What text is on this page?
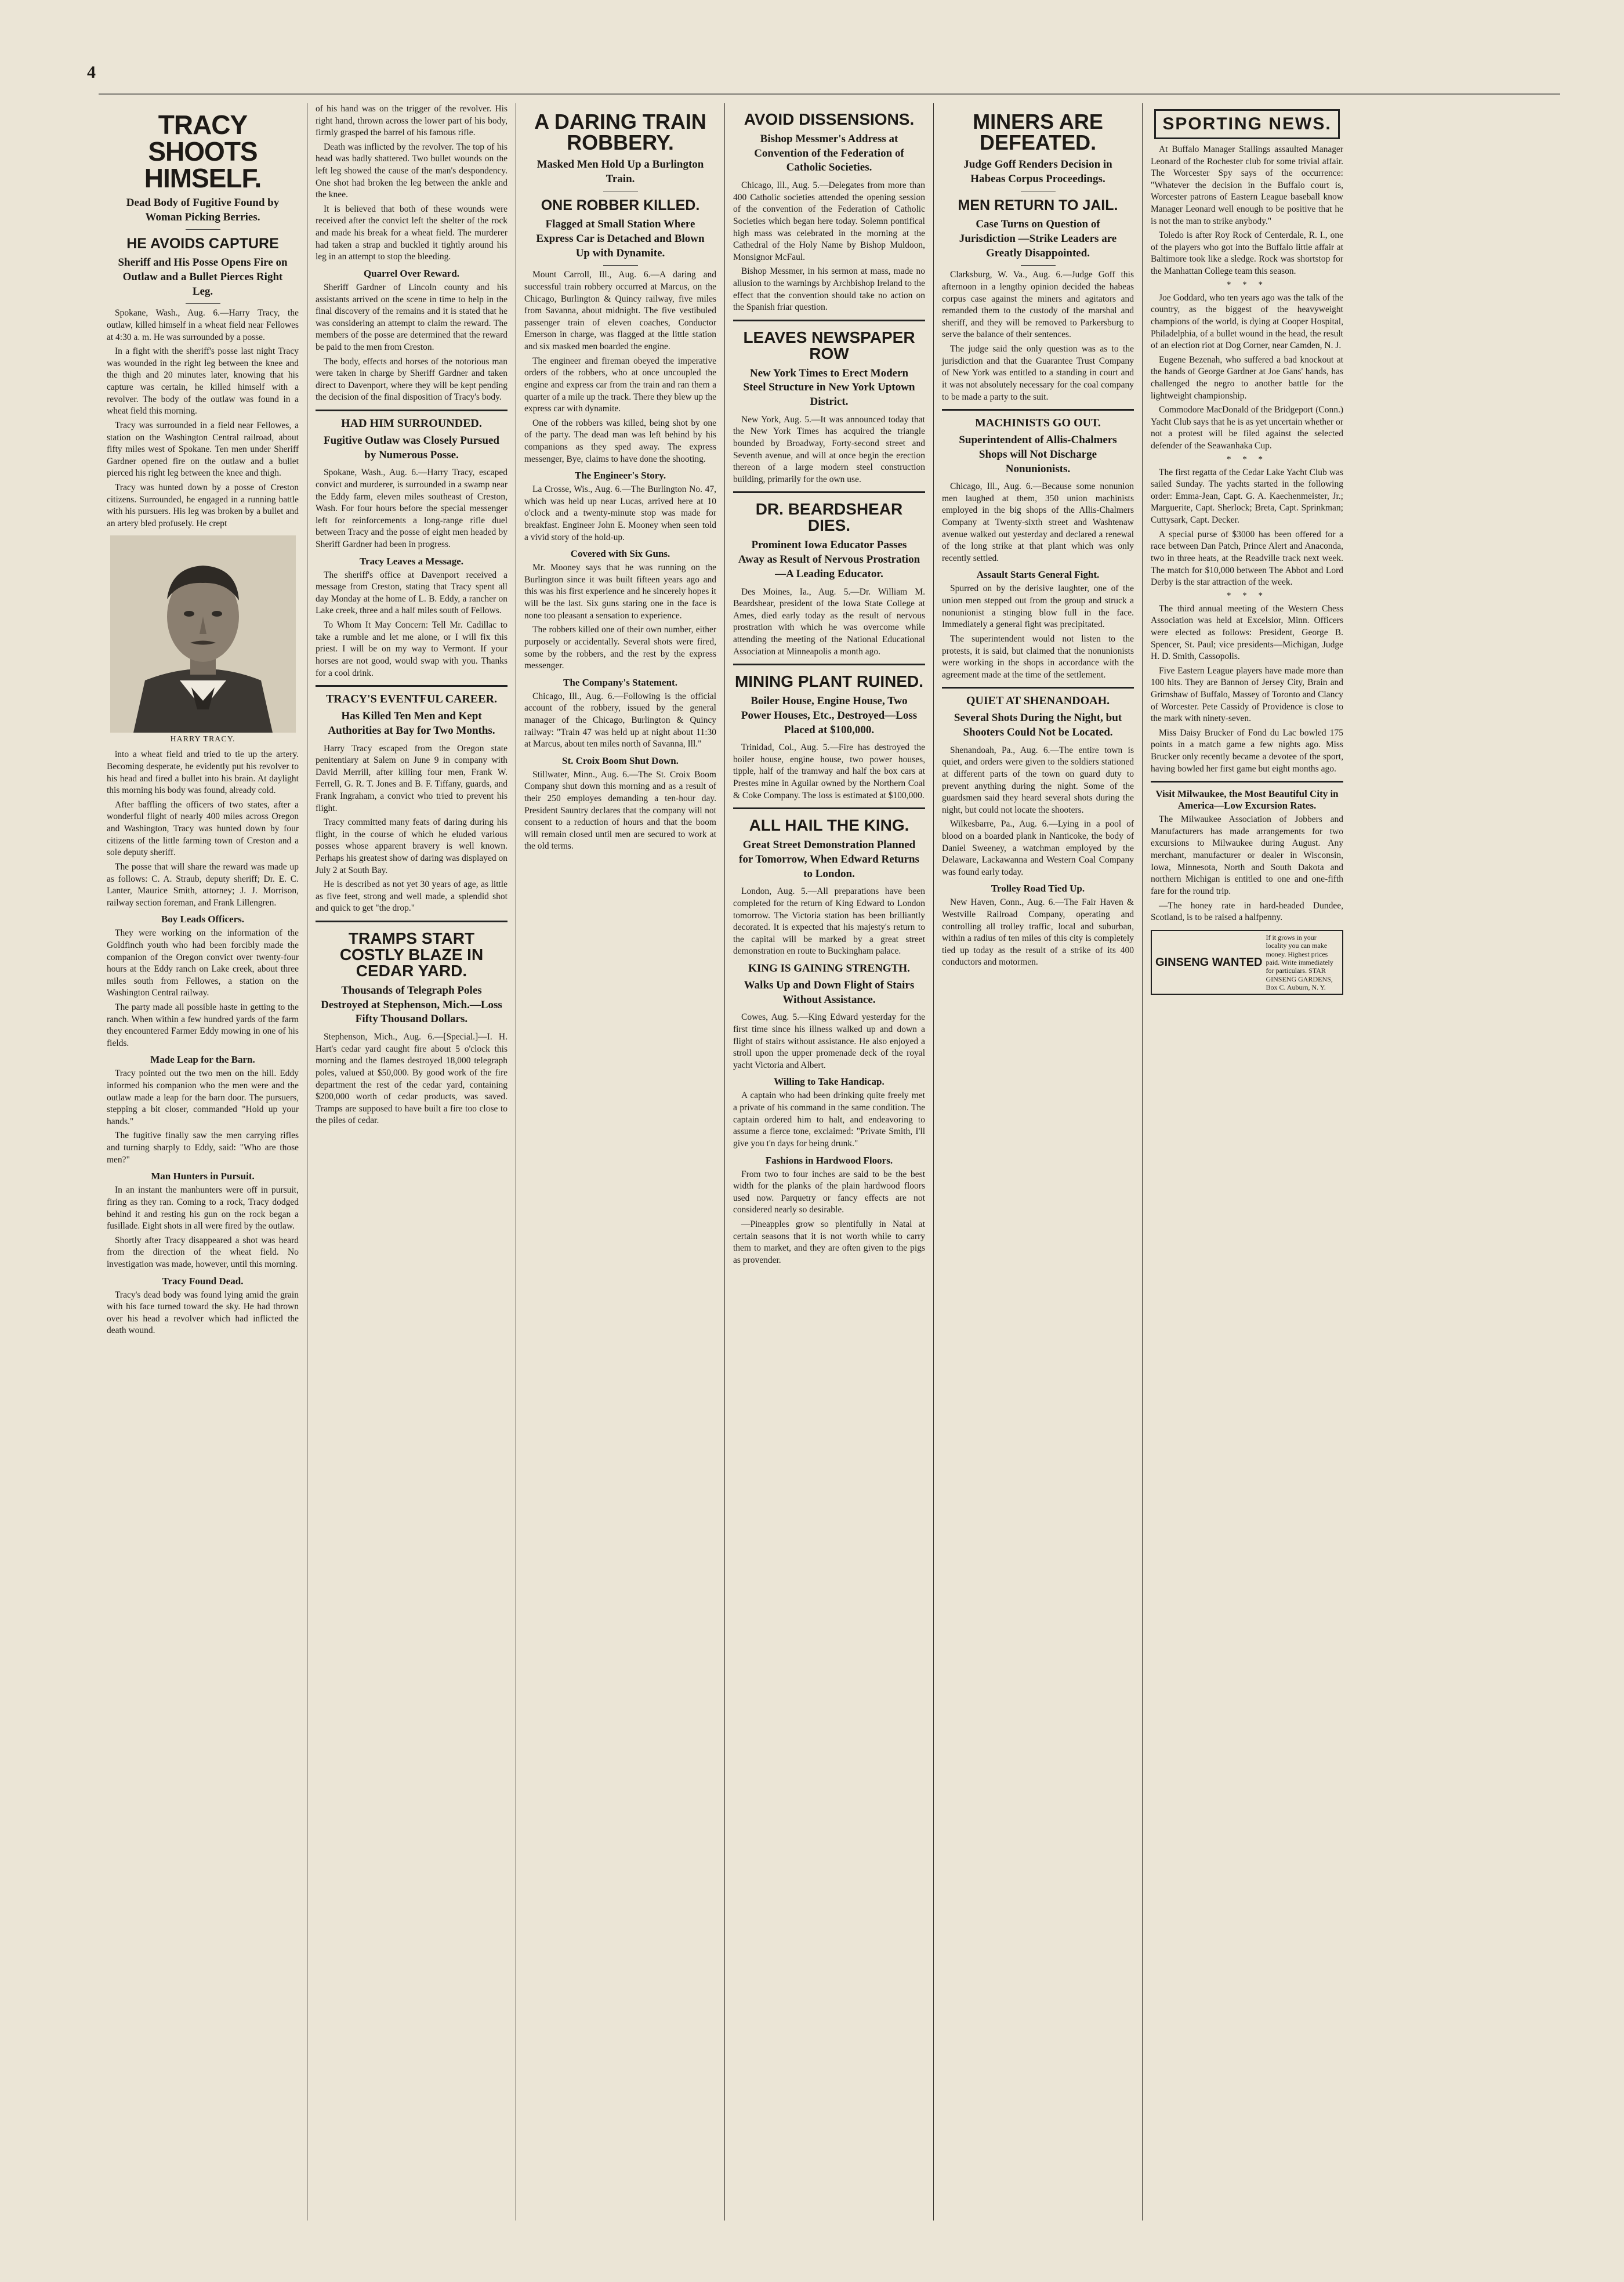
4
TRACY SHOOTS HIMSELF.
Dead Body of Fugitive Found by Woman Picking Berries.
HE AVOIDS CAPTURE
Sheriff and His Posse Opens Fire on Outlaw and a Bullet Pierces Right Leg.

Spokane, Wash., Aug. 6.—Harry Tracy, the outlaw, killed himself in a wheat field near Fellowes at 4:30 a. m. He was surrounded by a posse.

In a fight with the sheriff's posse last night Tracy was wounded in the right leg between the knee and the thigh and 20 minutes later, knowing that his capture was certain, he killed himself with a revolver. The body of the outlaw was found in a wheat field this morning.

Tracy was surrounded in a field near Fellowes, a station on the Washington Central railroad, about fifty miles west of Spokane. Ten men under Sheriff Gardner opened fire on the outlaw and a bullet pierced his right leg between the knee and thigh.

Tracy was hunted down by a posse of Creston citizens. Surrounded, he engaged in a running battle with his pursuers. His leg was broken by a bullet and an artery bled profusely. He crept

HARRY TRACY.

into a wheat field and tried to tie up the artery. Becoming desperate, he evidently put his revolver to his head and fired a bullet into his brain. At daylight this morning his body was found, already cold.

After baffling the officers of two states, after a wonderful flight of nearly 400 miles across Oregon and Washington, Tracy was hunted down by four citizens of the little farming town of Creston and a sole deputy sheriff.

The posse that will share the reward was made up as follows: C. A. Straub, deputy sheriff; Dr. E. C. Lanter, Maurice Smith, attorney; J. J. Morrison, railway section foreman, and Frank Lillengren.

Boy Leads Officers.

They were working on the information of the Goldfinch youth who had been forcibly made the companion of the Oregon convict over twenty-four hours at the Eddy ranch on Lake creek, about three miles south from Fellowes, a station on the Washington Central railway.

The party made all possible haste in getting to the ranch. When within a few hundred yards of the farm they encountered Farmer Eddy mowing in one of his fields.

Made Leap for the Barn.

Tracy pointed out the two men on the hill. Eddy informed his companion who the men were and the outlaw made a leap for the barn door. The pursuers, stepping a bit closer, commanded "Hold up your hands."

The fugitive finally saw the men carrying rifles and turning sharply to Eddy, said: "Who are those men?"

Man Hunters in Pursuit.

In an instant the manhunters were off in pursuit, firing as they ran. Coming to a rock, Tracy dodged behind it and resting his gun on the rock began a fusillade. Eight shots in all were fired by the outlaw.

Shortly after Tracy disappeared a shot was heard from the direction of the wheat field. No investigation was made, however, until this morning.

Tracy Found Dead.

Tracy's dead body was found lying amid the grain with his face turned toward the sky. He had thrown over his head a revolver which had inflicted the death wound.

of his hand was on the trigger of the revolver. His right hand, thrown across the lower part of his body, firmly grasped the barrel of his famous rifle.

Death was inflicted by the revolver. The top of his head was badly shattered. Two bullet wounds on the left leg showed the cause of the man's despondency. One shot had broken the leg between the ankle and the knee.

It is believed that both of these wounds were received after the convict left the shelter of the rock and made his break for a wheat field. The murderer had taken a strap and buckled it tightly around his leg in an attempt to stop the bleeding.

Quarrel Over Reward.

Sheriff Gardner of Lincoln county and his assistants arrived on the scene in time to help in the final discovery of the remains and it is stated that he was considering an attempt to claim the reward. The members of the posse are determined that the reward be paid to the men from Creston.

The body, effects and horses of the notorious man were taken in charge by Sheriff Gardner and taken direct to Davenport, where they will be kept pending the decision of the final disposition of Tracy's body.

HAD HIM SURROUNDED.
Fugitive Outlaw was Closely Pursued by Numerous Posse.

Spokane, Wash., Aug. 6.—Harry Tracy, escaped convict and murderer, is surrounded in a swamp near the Eddy farm, eleven miles southeast of Creston, Wash. For four hours before the special messenger left for reinforcements a long-range rifle duel between Tracy and the posse of eight men headed by Sheriff Gardner had been in progress.

Tracy Leaves a Message.

The sheriff's office at Davenport received a message from Creston, stating that Tracy spent all day Monday at the home of L. B. Eddy, a rancher on Lake creek, three and a half miles south of Fellows.

To Whom It May Concern: Tell Mr. Cadillac to take a rumble and let me alone, or I will fix this priest. I will be on my way to Vermont. If your horses are not good, would swap with you. Thanks for a cool drink.

TRACY'S EVENTFUL CAREER.
Has Killed Ten Men and Kept Authorities at Bay for Two Months.

Harry Tracy escaped from the Oregon state penitentiary at Salem on June 9 in company with David Merrill, after killing four men, Frank W. Ferrell, G. R. T. Jones and B. F. Tiffany, guards, and Frank Ingraham, a convict who tried to prevent his flight.

Tracy committed many feats of daring during his flight, in the course of which he eluded various posses whose apparent bravery is well known. Perhaps his greatest show of daring was displayed on July 2 at South Bay.

He is described as not yet 30 years of age, as little as five feet, strong and well made, a splendid shot and quick to get "the drop."

TRAMPS START COSTLY BLAZE IN CEDAR YARD.
Thousands of Telegraph Poles Destroyed at Stephenson, Mich.—Loss Fifty Thousand Dollars.

Stephenson, Mich., Aug. 6.—[Special.]—I. H. Hart's cedar yard caught fire about 5 o'clock this morning and the flames destroyed 18,000 telegraph poles, valued at $50,000. By good work of the fire department the rest of the cedar yard, containing $200,000 worth of cedar products, was saved. Tramps are supposed to have built a fire too close to the piles of cedar.

A DARING TRAIN ROBBERY.
Masked Men Hold Up a Burlington Train.
ONE ROBBER KILLED.
Flagged at Small Station Where Express Car is Detached and Blown Up with Dynamite.

Mount Carroll, Ill., Aug. 6.—A daring and successful train robbery occurred at Marcus, on the Chicago, Burlington & Quincy railway, five miles from Savanna, about midnight. The five vestibuled passenger train of eleven coaches, Conductor Emerson in charge, was flagged at the little station and six masked men boarded the engine.

The engineer and fireman obeyed the imperative orders of the robbers, who at once uncoupled the engine and express car from the train and ran them a quarter of a mile up the track. There they blew up the express car with dynamite.

One of the robbers was killed, being shot by one of the party. The dead man was left behind by his companions as they sped away. The express messenger, Bye, claims to have done the shooting.

The Engineer's Story.

La Crosse, Wis., Aug. 6.—The Burlington No. 47, which was held up near Lucas, arrived here at 10 o'clock and a twenty-minute stop was made for breakfast. Engineer John E. Mooney when seen told a vivid story of the hold-up.

Covered with Six Guns.

Mr. Mooney says that he was running on the Burlington since it was built fifteen years ago and this was his first experience and he sincerely hopes it will be the last. Six guns staring one in the face is none too pleasant a sensation to experience.

The robbers killed one of their own number, either purposely or accidentally. Several shots were fired, some by the robbers, and the rest by the express messenger.

The Company's Statement.

Chicago, Ill., Aug. 6.—Following is the official account of the robbery, issued by the general manager of the Chicago, Burlington & Quincy railway: "Train 47 was held up at night about 11:30 at Marcus, about ten miles north of Savanna, Ill."

St. Croix Boom Shut Down.

Stillwater, Minn., Aug. 6.—The St. Croix Boom Company shut down this morning and as a result of their 250 employes demanding a ten-hour day. President Sauntry declares that the company will not consent to a reduction of hours and that the boom will remain closed until men are secured to work at the old terms.

AVOID DISSENSIONS.
Bishop Messmer's Address at Convention of the Federation of Catholic Societies.

Chicago, Ill., Aug. 5.—Delegates from more than 400 Catholic societies attended the opening session of the convention of the Federation of Catholic Societies which began here today. Solemn pontifical high mass was celebrated in the morning at the Cathedral of the Holy Name by Bishop Muldoon, Monsignor McFaul.

Bishop Messmer, in his sermon at mass, made no allusion to the warnings by Archbishop Ireland to the effect that the convention should take no action on the Spanish friar question.

LEAVES NEWSPAPER ROW
New York Times to Erect Modern Steel Structure in New York Uptown District.

New York, Aug. 5.—It was announced today that the New York Times has acquired the triangle bounded by Broadway, Forty-second street and Seventh avenue, and will at once begin the erection thereon of a large modern steel construction building, primarily for the own use.

DR. BEARDSHEAR DIES.
Prominent Iowa Educator Passes Away as Result of Nervous Prostration —A Leading Educator.

Des Moines, Ia., Aug. 5.—Dr. William M. Beardshear, president of the Iowa State College at Ames, died early today as the result of nervous prostration with which he was overcome while attending the meeting of the National Educational Association at Minneapolis a month ago.

MINING PLANT RUINED.
Boiler House, Engine House, Two Power Houses, Etc., Destroyed—Loss Placed at $100,000.

Trinidad, Col., Aug. 5.—Fire has destroyed the boiler house, engine house, two power houses, tipple, half of the tramway and half the box cars at Prestes mine in Aguilar owned by the Northern Coal & Coke Company. The loss is estimated at $100,000.

ALL HAIL THE KING.
Great Street Demonstration Planned for Tomorrow, When Edward Returns to London.

London, Aug. 5.—All preparations have been completed for the return of King Edward to London tomorrow. The Victoria station has been brilliantly decorated. It is expected that his majesty's return to the capital will be marked by a great street demonstration en route to Buckingham palace.

KING IS GAINING STRENGTH.
Walks Up and Down Flight of Stairs Without Assistance.

Cowes, Aug. 5.—King Edward yesterday for the first time since his illness walked up and down a flight of stairs without assistance. He also enjoyed a stroll upon the upper promenade deck of the royal yacht Victoria and Albert.

Willing to Take Handicap.

A captain who had been drinking quite freely met a private of his command in the same condition. The captain ordered him to halt, and endeavoring to assume a fierce tone, exclaimed: "Private Smith, I'll give you t'n days for being drunk."

Fashions in Hardwood Floors.

From two to four inches are said to be the best width for the planks of the plain hardwood floors used now. Parquetry or fancy effects are not considered nearly so desirable.

—Pineapples grow so plentifully in Natal at certain seasons that it is not worth while to carry them to market, and they are often given to the pigs as provender.

MINERS ARE DEFEATED.
Judge Goff Renders Decision in Habeas Corpus Proceedings.
MEN RETURN TO JAIL.
Case Turns on Question of Jurisdiction —Strike Leaders are Greatly Disappointed.

Clarksburg, W. Va., Aug. 6.—Judge Goff this afternoon in a lengthy opinion decided the habeas corpus case against the miners and agitators and remanded them to the custody of the marshal and sheriff, and they will be removed to Parkersburg to serve the balance of their sentences.

The judge said the only question was as to the jurisdiction and that the Guarantee Trust Company of New York was entitled to a standing in court and it was not absolutely necessary for the coal company to be made a party to the suit.

MACHINISTS GO OUT.
Superintendent of Allis-Chalmers Shops will Not Discharge Nonunionists.

Chicago, Ill., Aug. 6.—Because some nonunion men laughed at them, 350 union machinists employed in the big shops of the Allis-Chalmers Company at Twenty-sixth street and Washtenaw avenue walked out yesterday and declared a renewal of the long strike at that plant which was only recently settled.

Assault Starts General Fight.

Spurred on by the derisive laughter, one of the union men stepped out from the group and struck a nonunionist a stinging blow full in the face. Immediately a general fight was precipitated.

The superintendent would not listen to the protests, it is said, but claimed that the nonunionists were working in the shops in accordance with the agreement made at the time of the settlement.

QUIET AT SHENANDOAH.
Several Shots During the Night, but Shooters Could Not be Located.

Shenandoah, Pa., Aug. 6.—The entire town is quiet, and orders were given to the soldiers stationed at different parts of the town on guard duty to prevent anything during the night. Some of the guardsmen said they heard several shots during the night, but could not locate the shooters.

Wilkesbarre, Pa., Aug. 6.—Lying in a pool of blood on a boarded plank in Nanticoke, the body of Daniel Sweeney, a watchman employed by the Delaware, Lackawanna and Western Coal Company was found early today.

Trolley Road Tied Up.

New Haven, Conn., Aug. 6.—The Fair Haven & Westville Railroad Company, operating and controlling all trolley traffic, local and suburban, within a radius of ten miles of this city is completely tied up today as the result of a strike of its 400 conductors and motormen.

SPORTING NEWS.

At Buffalo Manager Stallings assaulted Manager Leonard of the Rochester club for some trivial affair. The Worcester Spy says of the occurrence: "Whatever the decision in the Buffalo court is, Worcester patrons of Eastern League baseball know Manager Leonard well enough to be positive that he is not the man to strike anybody."

Toledo is after Roy Rock of Centerdale, R. I., one of the players who got into the Buffalo little affair at Baltimore took like a sledge. Rock was shortstop for the Manhattan College team this season.

* * *

Joe Goddard, who ten years ago was the talk of the country, as the biggest of the heavyweight champions of the world, is dying at Cooper Hospital, Philadelphia, of a bullet wound in the head, the result of an election riot at Dog Corner, near Camden, N. J.

Eugene Bezenah, who suffered a bad knockout at the hands of George Gardner at Joe Gans' hands, has challenged the negro to another battle for the lightweight championship.

Commodore MacDonald of the Bridgeport (Conn.) Yacht Club says that he is as yet uncertain whether or not a protest will be filed against the selected defender of the Seawanhaka Cup.

* * *

The first regatta of the Cedar Lake Yacht Club was sailed Sunday. The yachts started in the following order: Emma-Jean, Capt. G. A. Kaechenmeister, Jr.; Marguerite, Capt. Sherlock; Breta, Capt. Sprinkman; Cuttysark, Capt. Decker.

A special purse of $3000 has been offered for a race between Dan Patch, Prince Alert and Anaconda, two in three heats, at the Readville track next week. The match for $10,000 between The Abbot and Lord Derby is the star attraction of the week.

* * *

The third annual meeting of the Western Chess Association was held at Excelsior, Minn. Officers were elected as follows: President, George B. Spencer, St. Paul; vice presidents—Michigan, Judge H. D. Smith, Cassopolis.

Five Eastern League players have made more than 100 hits. They are Bannon of Jersey City, Brain and Grimshaw of Buffalo, Massey of Toronto and Clancy of Worcester. Pete Cassidy of Providence is close to the mark with ninety-seven.

Miss Daisy Brucker of Fond du Lac bowled 175 points in a match game a few nights ago. Miss Brucker only recently became a devotee of the sport, having bowled her first game but eight months ago.

Visit Milwaukee, the Most Beautiful City in America—Low Excursion Rates.

The Milwaukee Association of Jobbers and Manufacturers has made arrangements for two excursions to Milwaukee during August. Any merchant, manufacturer or dealer in Wisconsin, Iowa, Minnesota, North and South Dakota and northern Michigan is entitled to one and one-fifth fare for the round trip.

—The honey rate in hard-headed Dundee, Scotland, is to be raised a halfpenny.

GINSENG WANTED
If it grows in your locality you can make money. Highest prices paid. Write immediately for particulars. STAR GINSENG GARDENS, Box C. Auburn, N. Y.
